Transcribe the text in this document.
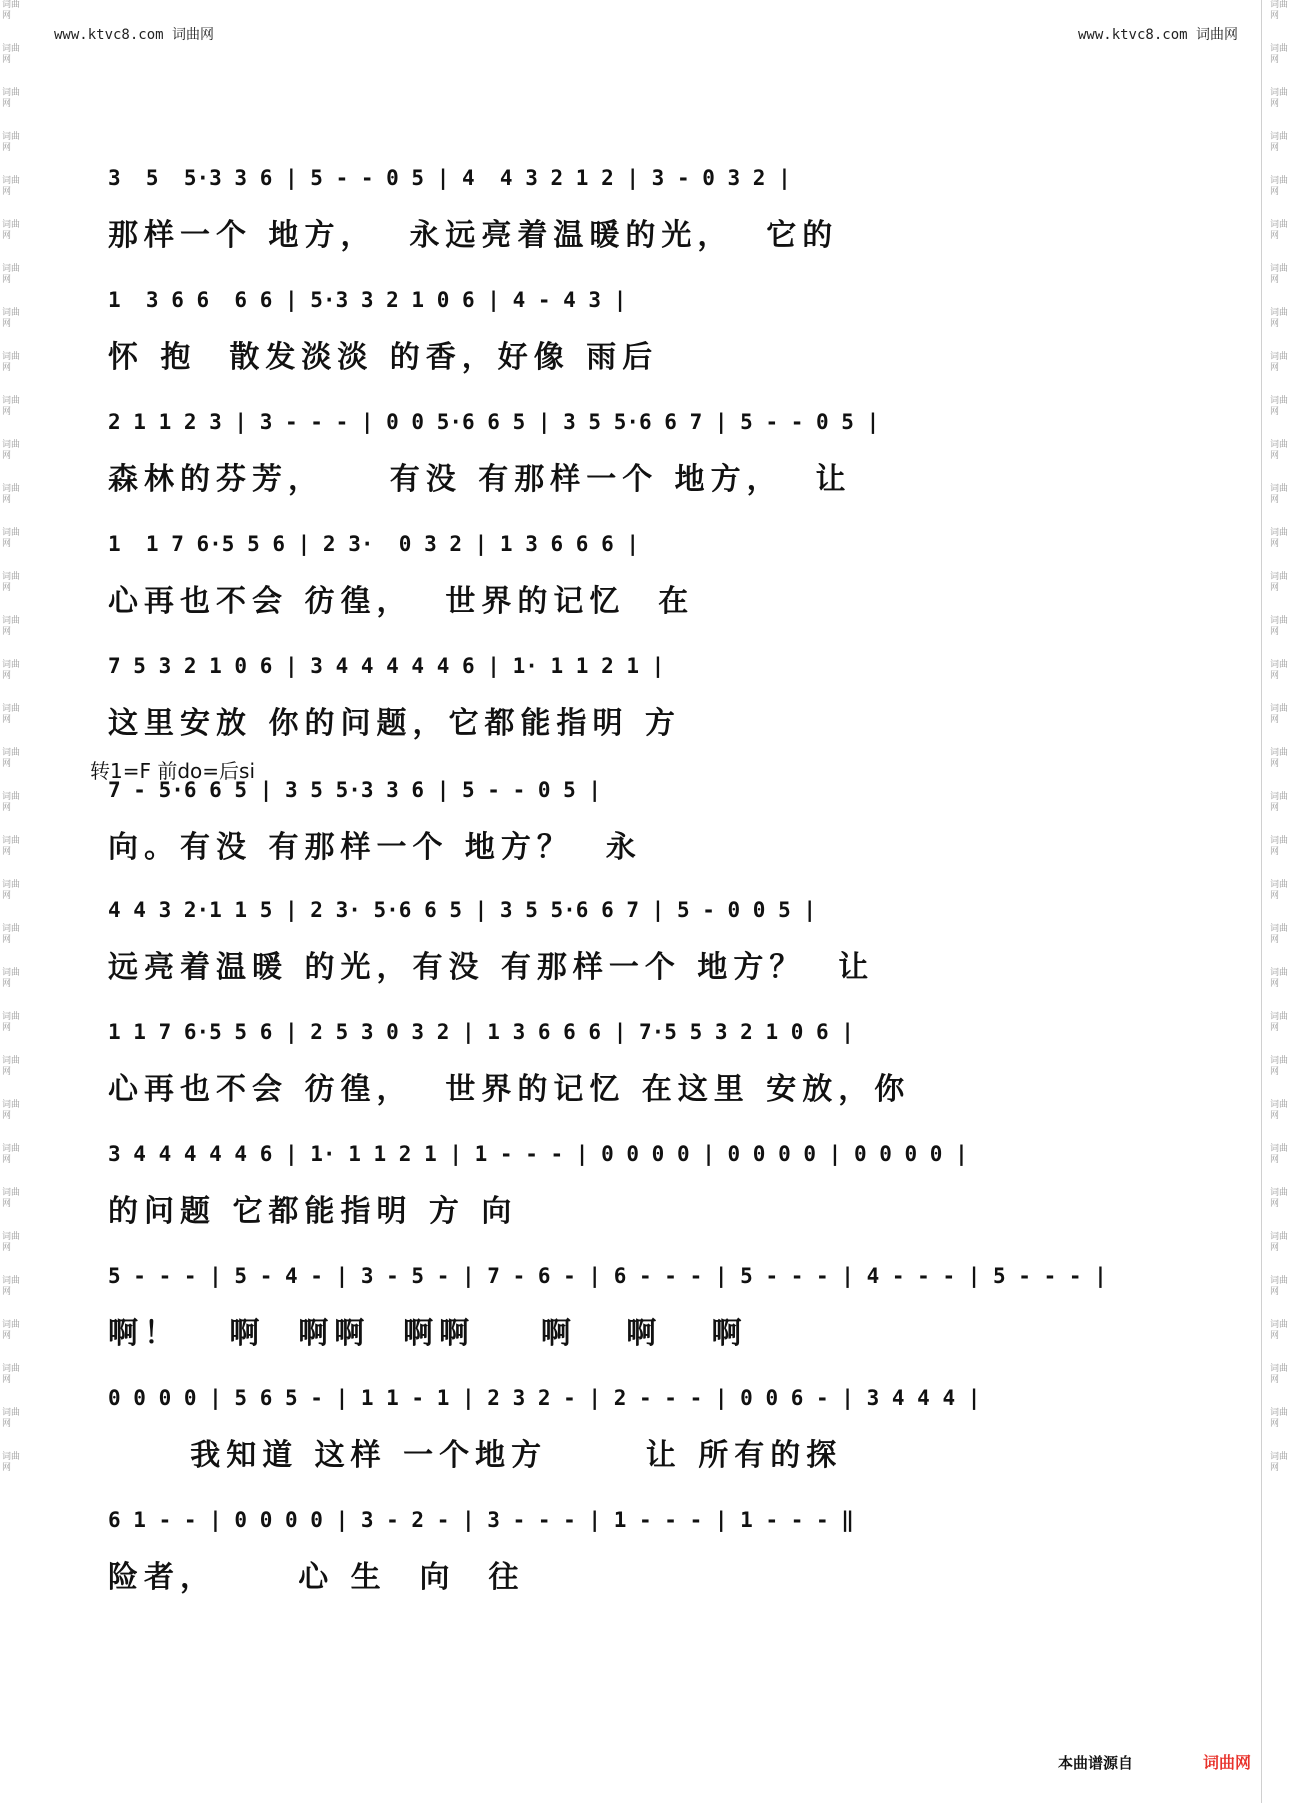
词曲网
词曲网
词曲网
词曲网
词曲网
词曲网
词曲网
词曲网
词曲网
词曲网
词曲网
词曲网
词曲网
词曲网
词曲网
词曲网
词曲网
词曲网
词曲网
词曲网
词曲网
词曲网
词曲网
词曲网
词曲网
词曲网
词曲网
词曲网
词曲网
词曲网
词曲网
词曲网
词曲网
词曲网
词曲网
词曲网
词曲网
词曲网
词曲网
词曲网
词曲网
词曲网
词曲网
词曲网
词曲网
词曲网
词曲网
词曲网
词曲网
词曲网
词曲网
词曲网
词曲网
词曲网
词曲网
词曲网
词曲网
词曲网
词曲网
词曲网
词曲网
词曲网
词曲网
词曲网
词曲网
词曲网
词曲网
词曲网
www.ktvc8.com 词曲网	www.ktvc8.com 词曲网
3  5  5·3 3 6 | 5 - - 0 5 | 4  4 3 2 1 2 | 3 - 0 3 2 |
那样一个 地方，  永远亮着温暖的光，  它的
1  3 6 6  6 6 | 5·3 3 2 1 0 6 | 4 - 4 3 |
怀 抱  散发淡淡 的香，好像 雨后
2 1 1 2 3 | 3 - - - | 0 0 5·6 6 5 | 3 5 5·6 6 7 | 5 - - 0 5 |
森林的芬芳，    有没 有那样一个 地方，  让
1  1 7 6·5 5 6 | 2 3·  0 3 2 | 1 3 6 6 6 |
心再也不会 彷徨，  世界的记忆  在
7 5 3 2 1 0 6 | 3 4 4 4 4 4 6 | 1· 1 1 2 1 |
这里安放 你的问题，它都能指明 方
7 - 5·6 6 5 | 3 5 5·3 3 6 | 5 - - 0 5 |
向。有没 有那样一个 地方？  永
4 4 3 2·1 1 5 | 2 3· 5·6 6 5 | 3 5 5·6 6 7 | 5 - 0 0 5 |
远亮着温暖 的光，有没 有那样一个 地方？  让
1 1 7 6·5 5 6 | 2 5 3 0 3 2 | 1 3 6 6 6 | 7·5 5 3 2 1 0 6 |
心再也不会 彷徨，  世界的记忆 在这里 安放，你
3 4 4 4 4 4 6 | 1· 1 1 2 1 | 1 - - - | 0 0 0 0 | 0 0 0 0 | 0 0 0 0 |
的问题 它都能指明 方 向
5 - - - | 5 - 4 - | 3 - 5 - | 7 - 6 - | 6 - - - | 5 - - - | 4 - - - | 5 - - - |
啊！   啊  啊啊  啊啊    啊   啊   啊
0 0 0 0 | 5 6 5 - | 1 1 - 1 | 2 3 2 - | 2 - - - | 0 0 6 - | 3 4 4 4 |
我知道 这样 一个地方      让 所有的探
6 1 - - | 0 0 0 0 | 3 - 2 - | 3 - - - | 1 - - - | 1 - - - ‖
险者，     心 生  向  往
转1=F 前do=后si
本曲谱源自	词曲网
